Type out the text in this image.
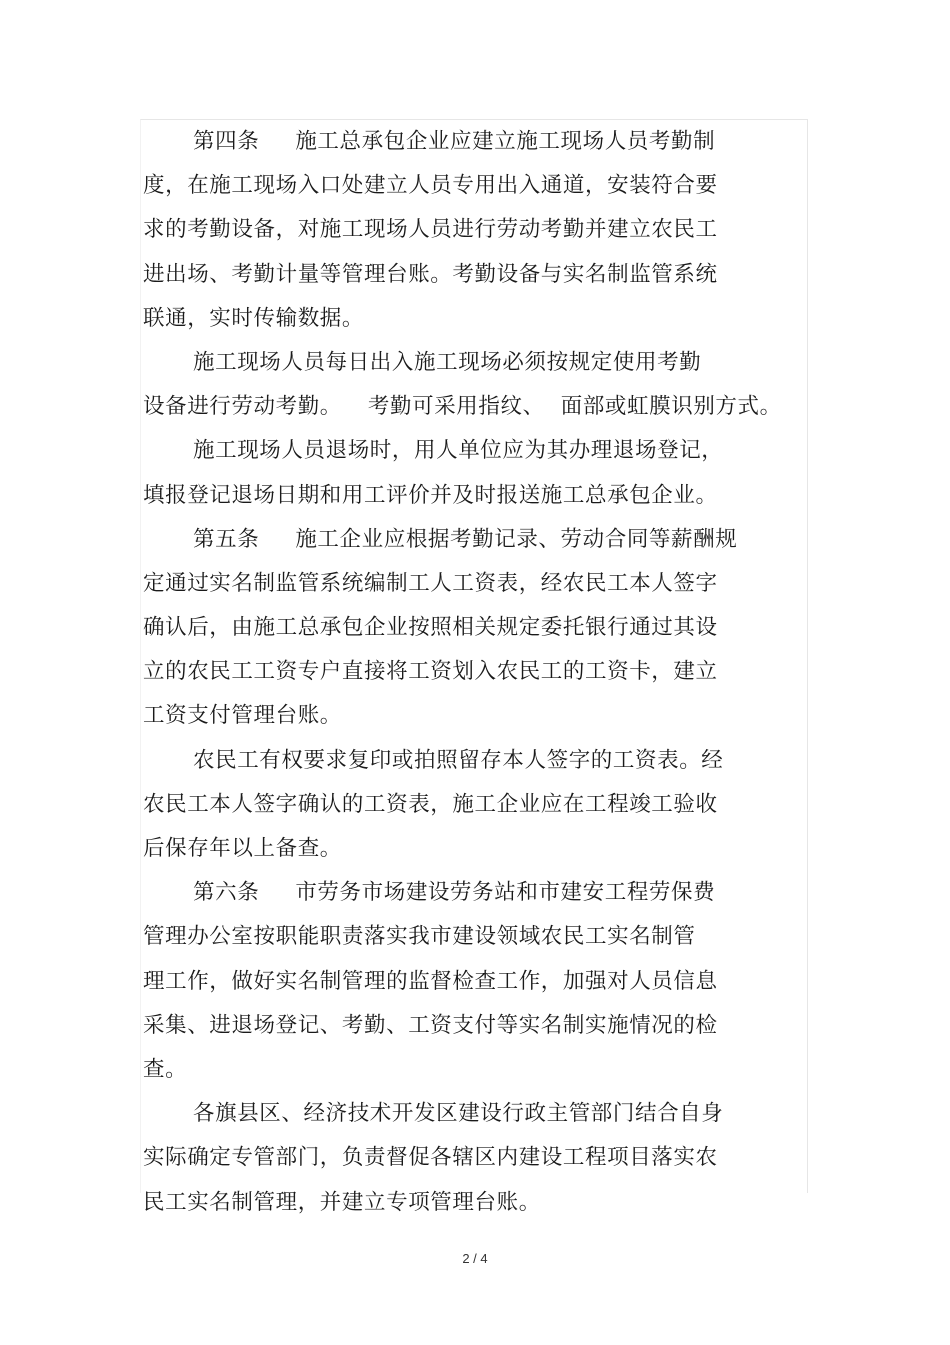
第四条 施工总承包企业应建立施工现场人员考勤制
度，在施工现场入口处建立人员专用出入通道，安装符合要
求的考勤设备，对施工现场人员进行劳动考勤并建立农民工
进出场、考勤计量等管理台账。考勤设备与实名制监管系统
联通，实时传输数据。
施工现场人员每日出入施工现场必须按规定使用考勤
设备进行劳动考勤。 考勤可采用指纹、 面部或虹膜识别方式。
施工现场人员退场时，用人单位应为其办理退场登记，
填报登记退场日期和用工评价并及时报送施工总承包企业。
第五条 施工企业应根据考勤记录、劳动合同等薪酬规
定通过实名制监管系统编制工人工资表，经农民工本人签字
确认后，由施工总承包企业按照相关规定委托银行通过其设
立的农民工工资专户直接将工资划入农民工的工资卡，建立
工资支付管理台账。
农民工有权要求复印或拍照留存本人签字的工资表。经
农民工本人签字确认的工资表，施工企业应在工程竣工验收
后保存年以上备查。
第六条 市劳务市场建设劳务站和市建安工程劳保费
管理办公室按职能职责落实我市建设领域农民工实名制管
理工作，做好实名制管理的监督检查工作，加强对人员信息
采集、进退场登记、考勤、工资支付等实名制实施情况的检
查。
各旗县区、经济技术开发区建设行政主管部门结合自身
实际确定专管部门，负责督促各辖区内建设工程项目落实农
民工实名制管理，并建立专项管理台账。
2 / 4
